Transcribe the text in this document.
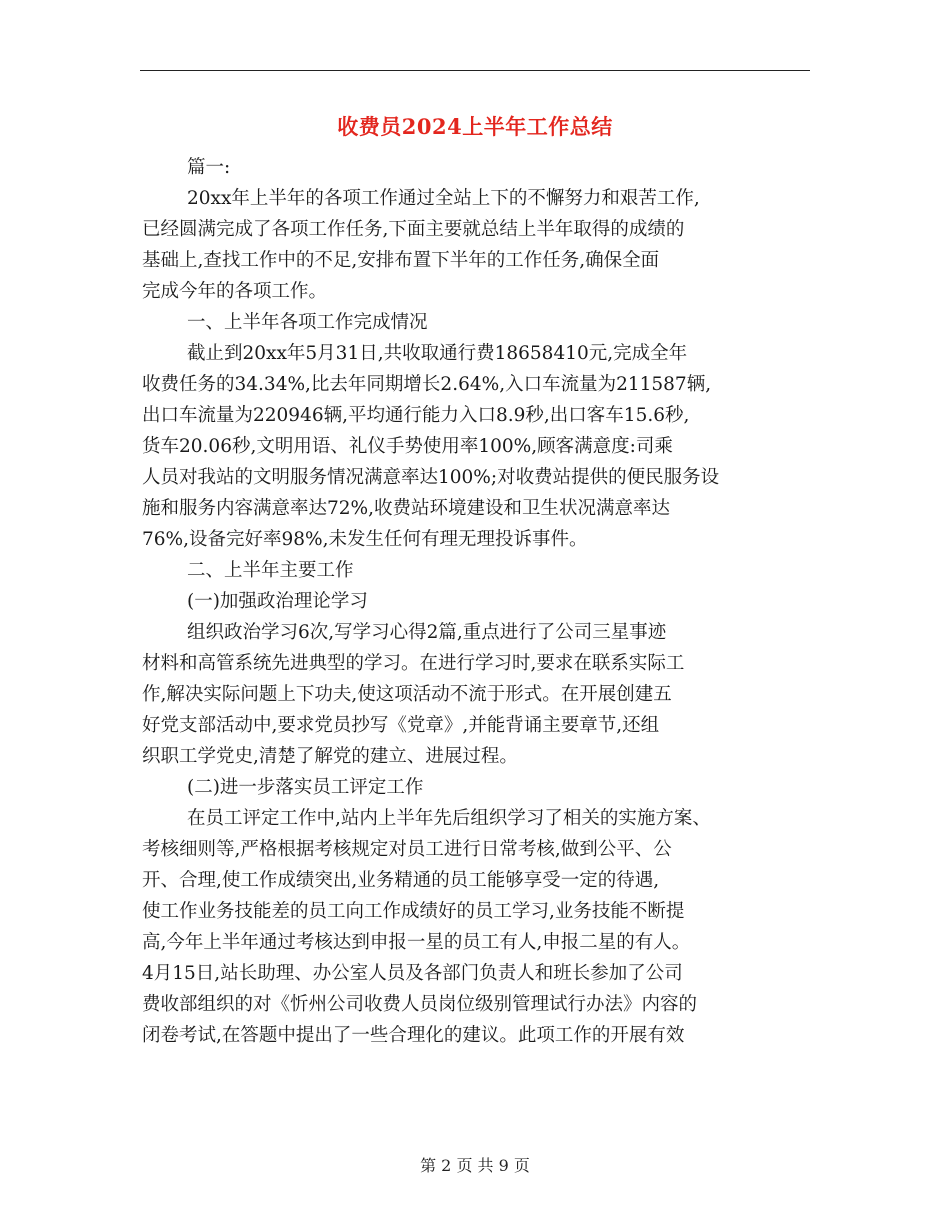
收费员2024上半年工作总结
篇一:
20xx年上半年的各项工作通过全站上下的不懈努力和艰苦工作,
已经圆满完成了各项工作任务,下面主要就总结上半年取得的成绩的
基础上,查找工作中的不足,安排布置下半年的工作任务,确保全面
完成今年的各项工作。
一、上半年各项工作完成情况
截止到20xx年5月31日,共收取通行费18658410元,完成全年
收费任务的34.34%,比去年同期增长2.64%,入口车流量为211587辆,
出口车流量为220946辆,平均通行能力入口8.9秒,出口客车15.6秒,
货车20.06秒,文明用语、礼仪手势使用率100%,顾客满意度:司乘
人员对我站的文明服务情况满意率达100%;对收费站提供的便民服务设
施和服务内容满意率达72%,收费站环境建设和卫生状况满意率达
76%,设备完好率98%,未发生任何有理无理投诉事件。
二、上半年主要工作
(一)加强政治理论学习
组织政治学习6次,写学习心得2篇,重点进行了公司三星事迹
材料和高管系统先进典型的学习。在进行学习时,要求在联系实际工
作,解决实际问题上下功夫,使这项活动不流于形式。在开展创建五
好党支部活动中,要求党员抄写《党章》,并能背诵主要章节,还组
织职工学党史,清楚了解党的建立、进展过程。
(二)进一步落实员工评定工作
在员工评定工作中,站内上半年先后组织学习了相关的实施方案、
考核细则等,严格根据考核规定对员工进行日常考核,做到公平、公
开、合理,使工作成绩突出,业务精通的员工能够享受一定的待遇,
使工作业务技能差的员工向工作成绩好的员工学习,业务技能不断提
高,今年上半年通过考核达到申报一星的员工有人,申报二星的有人。
4月15日,站长助理、办公室人员及各部门负责人和班长参加了公司
费收部组织的对《忻州公司收费人员岗位级别管理试行办法》内容的
闭卷考试,在答题中提出了一些合理化的建议。此项工作的开展有效
第 2 页 共 9 页
